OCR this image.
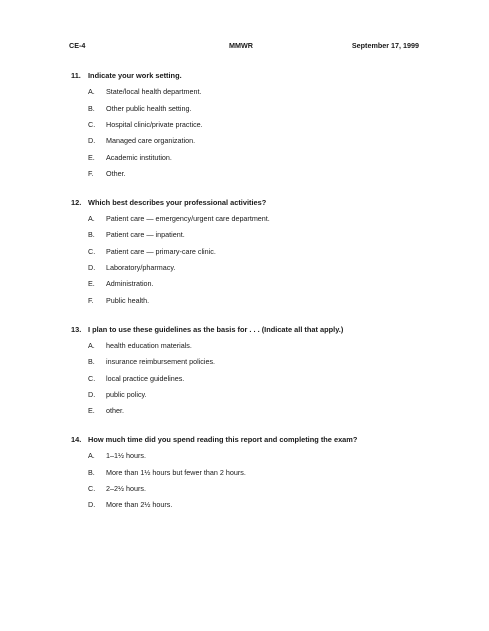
CE-4	MMWR	September 17, 1999
11. Indicate your work setting.
A.	State/local health department.
B.	Other public health setting.
C.	Hospital clinic/private practice.
D.	Managed care organization.
E.	Academic institution.
F.	Other.
12. Which best describes your professional activities?
A.	Patient care — emergency/urgent care department.
B.	Patient care — inpatient.
C.	Patient care — primary-care clinic.
D.	Laboratory/pharmacy.
E.	Administration.
F.	Public health.
13. I plan to use these guidelines as the basis for . . . (Indicate all that apply.)
A.	health education materials.
B.	insurance reimbursement policies.
C.	local practice guidelines.
D.	public policy.
E.	other.
14. How much time did you spend reading this report and completing the exam?
A.	1–1½ hours.
B.	More than 1½ hours but fewer than 2 hours.
C.	2–2½ hours.
D.	More than 2½ hours.
